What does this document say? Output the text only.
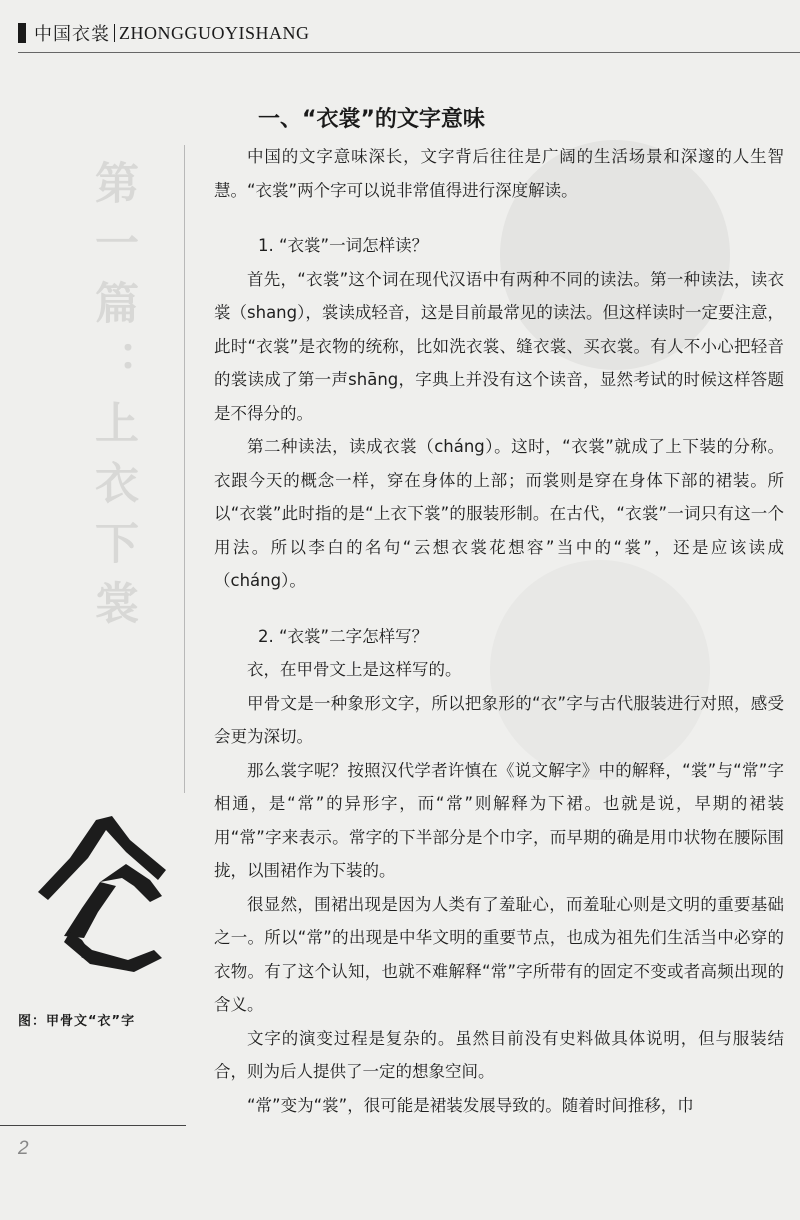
中国衣裳 ZHONGGUOYISHANG
第一篇：上衣下裳
图：甲骨文“衣”字
2
一、“衣裳”的文字意味

中国的文字意味深长，文字背后往往是广阔的生活场景和深邃的人生智慧。“衣裳”两个字可以说非常值得进行深度解读。

1. “衣裳”一词怎样读？

首先，“衣裳”这个词在现代汉语中有两种不同的读法。第一种读法，读衣裳（shang），裳读成轻音，这是目前最常见的读法。但这样读时一定要注意，此时“衣裳”是衣物的统称，比如洗衣裳、缝衣裳、买衣裳。有人不小心把轻音的裳读成了第一声shāng，字典上并没有这个读音，显然考试的时候这样答题是不得分的。

第二种读法，读成衣裳（cháng）。这时，“衣裳”就成了上下装的分称。衣跟今天的概念一样，穿在身体的上部；而裳则是穿在身体下部的裙装。所以“衣裳”此时指的是“上衣下裳”的服装形制。在古代，“衣裳”一词只有这一个用法。所以李白的名句“云想衣裳花想容”当中的“裳”，还是应该读成（cháng）。

2. “衣裳”二字怎样写？

衣，在甲骨文上是这样写的。

甲骨文是一种象形文字，所以把象形的“衣”字与古代服装进行对照，感受会更为深切。

那么裳字呢？按照汉代学者许慎在《说文解字》中的解释，“裳”与“常”字相通，是“常”的异形字，而“常”则解释为下裙。也就是说，早期的裙装用“常”字来表示。常字的下半部分是个巾字，而早期的确是用巾状物在腰际围拢，以围裙作为下装的。

很显然，围裙出现是因为人类有了羞耻心，而羞耻心则是文明的重要基础之一。所以“常”的出现是中华文明的重要节点，也成为祖先们生活当中必穿的衣物。有了这个认知，也就不难解释“常”字所带有的固定不变或者高频出现的含义。

文字的演变过程是复杂的。虽然目前没有史料做具体说明，但与服装结合，则为后人提供了一定的想象空间。

“常”变为“裳”，很可能是裙装发展导致的。随着时间推移，巾
